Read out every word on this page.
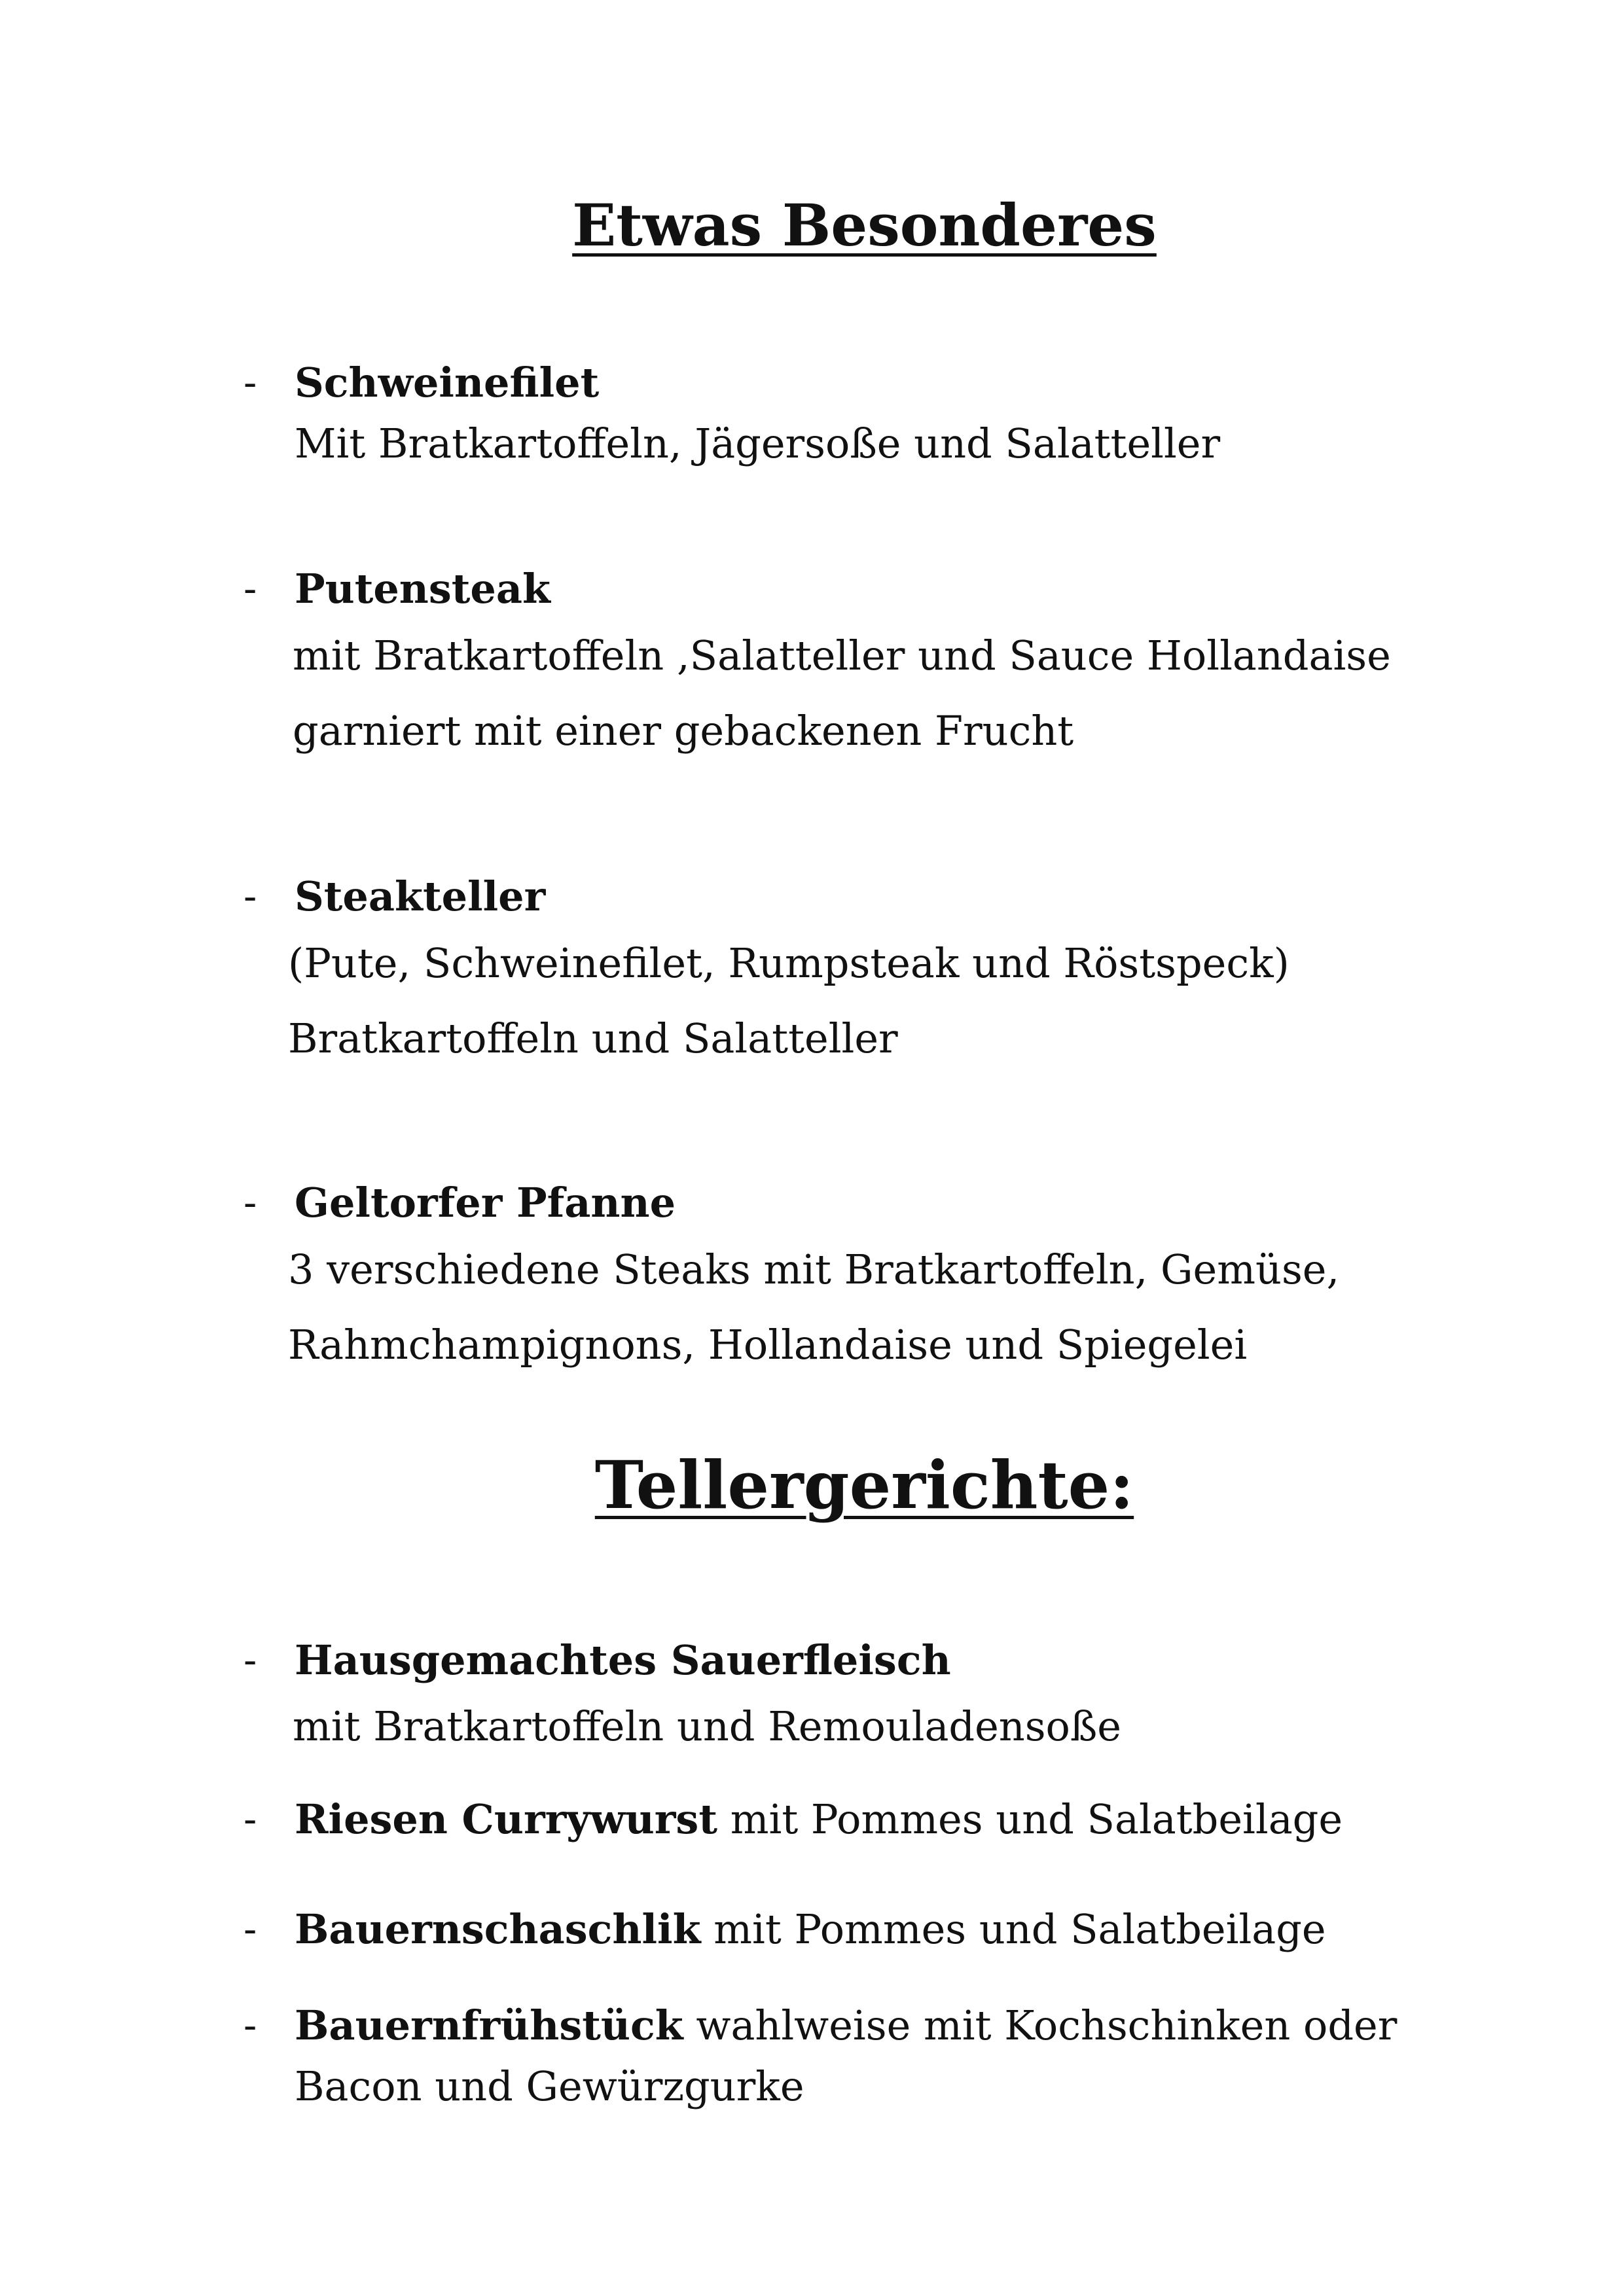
Etwas Besonderes
- Schweinefilet
Mit Bratkartoffeln, Jägersoße und Salatteller
- Putensteak
mit Bratkartoffeln ,Salatteller und Sauce Hollandaise
garniert mit einer gebackenen Frucht
- Steakteller
(Pute, Schweinefilet, Rumpsteak und Röstspeck)
Bratkartoffeln und Salatteller
- Geltorfer Pfanne
3 verschiedene Steaks mit Bratkartoffeln, Gemüse,
Rahmchampignons, Hollandaise und Spiegelei
Tellergerichte:
- Hausgemachtes Sauerfleisch
mit Bratkartoffeln und Remouladensoße
- Riesen Currywurst mit Pommes und Salatbeilage
- Bauernschaschlik mit Pommes und Salatbeilage
- Bauernfrühstück wahlweise mit Kochschinken oder
Bacon und Gewürzgurke
